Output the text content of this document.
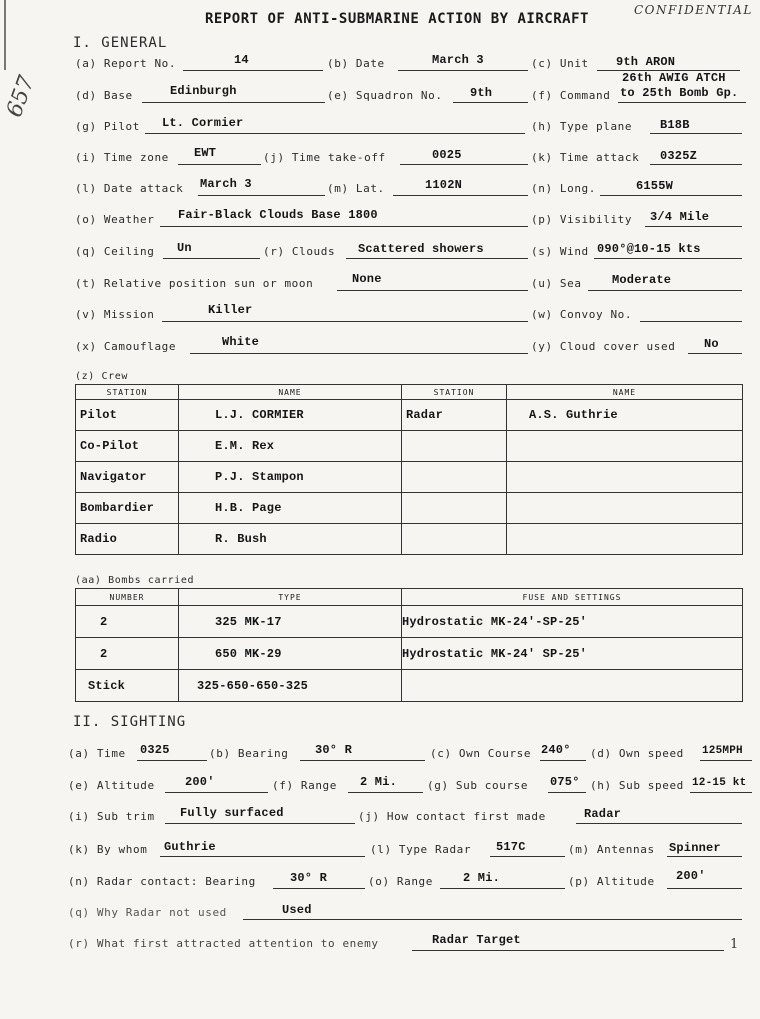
657
REPORT OF ANTI-SUBMARINE ACTION BY AIRCRAFT
CONFIDENTIAL
I. GENERAL
(a) Report No.	14	(b) Date	March 3	(c) Unit 9th ARON
(d) Base	Edinburgh	(e) Squadron No. 9th	(f) Command
26th AWIG ATCH
to 25th Bomb Gp.
(g) Pilot Lt. Cormier	(h) Type plane B18B
(i) Time zone EWT	(j) Time take-off	0025	(k) Time attack 0325Z
(l) Date attack March 3	(m) Lat.	1102N	(n) Long.	6155W
(o) Weather Fair-Black Clouds Base 1800	(p) Visibility 3/4 Mile
(q) Ceiling Un	(r) Clouds Scattered showers	(s) Wind 090°@10-15 kts
(t) Relative position sun or moon	None	(u) Sea	Moderate
(v) Mission	Killer	(w) Convoy No.
(x) Camouflage	White	(y) Cloud cover used No
(z) Crew
STATION	NAME	STATION	NAME
Pilot	L.J. CORMIER	Radar	A.S. Guthrie
Co-Pilot	E.M. Rex		
Navigator	P.J. Stampon		
Bombardier	H.B. Page		
Radio	R. Bush		
(aa) Bombs carried
NUMBER	TYPE	FUSE AND SETTINGS
2	325 MK-17	Hydrostatic MK-24'-SP-25'
2	650 MK-29	Hydrostatic MK-24' SP-25'
Stick	325-650-650-325	
II. SIGHTING
(a) Time 0325	(b) Bearing 30° R	(c) Own Course 240° (d) Own speed 125MPH
(e) Altitude	200'	(f) Range 2 Mi.	(g) Sub course 075° (h) Sub speed 12-15 kt
(i) Sub trim Fully surfaced	(j) How contact first made	Radar
(k) By whom Guthrie	(l) Type Radar 517C	(m) Antennas Spinner
(n) Radar contact: Bearing	30° R	(o) Range 2 Mi.	(p) Altitude 200'
(q) Why Radar not used	Used
(r) What first attracted attention to enemy	Radar Target	1
